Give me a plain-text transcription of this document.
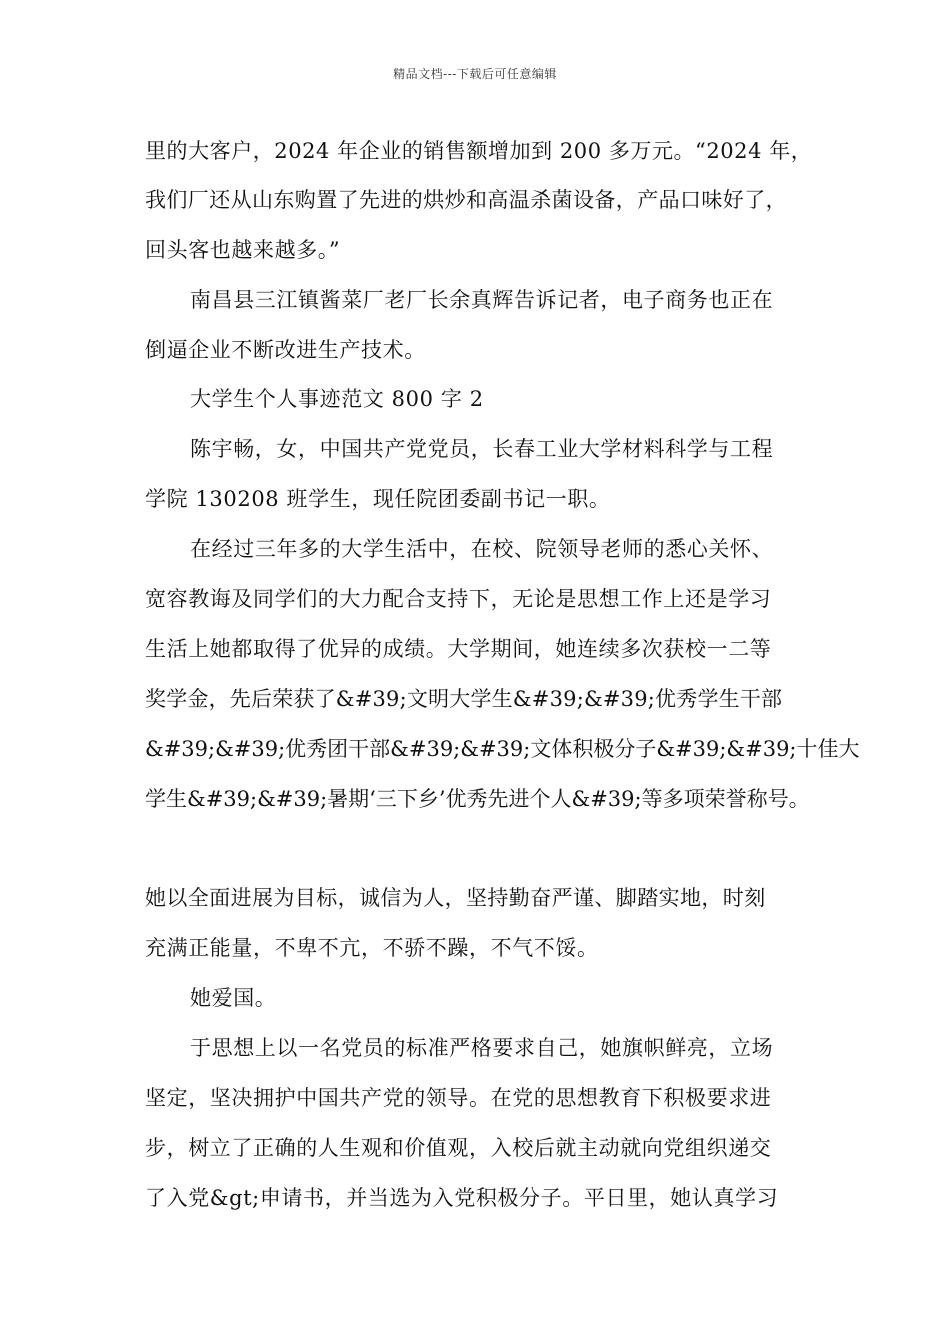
精品文档---下载后可任意编辑
里的大客户，2024 年企业的销售额增加到 200 多万元。“2024 年，
我们厂还从山东购置了先进的烘炒和高温杀菌设备，产品口味好了，
回头客也越来越多。”
南昌县三江镇酱菜厂老厂长余真辉告诉记者，电子商务也正在
倒逼企业不断改进生产技术。
大学生个人事迹范文 800 字 2
陈宇畅，女，中国共产党党员，长春工业大学材料科学与工程
学院 130208 班学生，现任院团委副书记一职。
在经过三年多的大学生活中，在校、院领导老师的悉心关怀、
宽容教诲及同学们的大力配合支持下，无论是思想工作上还是学习
生活上她都取得了优异的成绩。大学期间，她连续多次获校一二等
奖学金，先后荣获了&#39;文明大学生&#39;&#39;优秀学生干部
&#39;&#39;优秀团干部&#39;&#39;文体积极分子&#39;&#39;十佳大
学生&#39;&#39;暑期‘三下乡’优秀先进个人&#39;等多项荣誉称号。
她以全面进展为目标，诚信为人，坚持勤奋严谨、脚踏实地，时刻
充满正能量，不卑不亢，不骄不躁，不气不馁。
她爱国。
于思想上以一名党员的标准严格要求自己，她旗帜鲜亮，立场
坚定，坚决拥护中国共产党的领导。在党的思想教育下积极要求进
步，树立了正确的人生观和价值观，入校后就主动就向党组织递交
了入党&gt;申请书，并当选为入党积极分子。平日里，她认真学习
